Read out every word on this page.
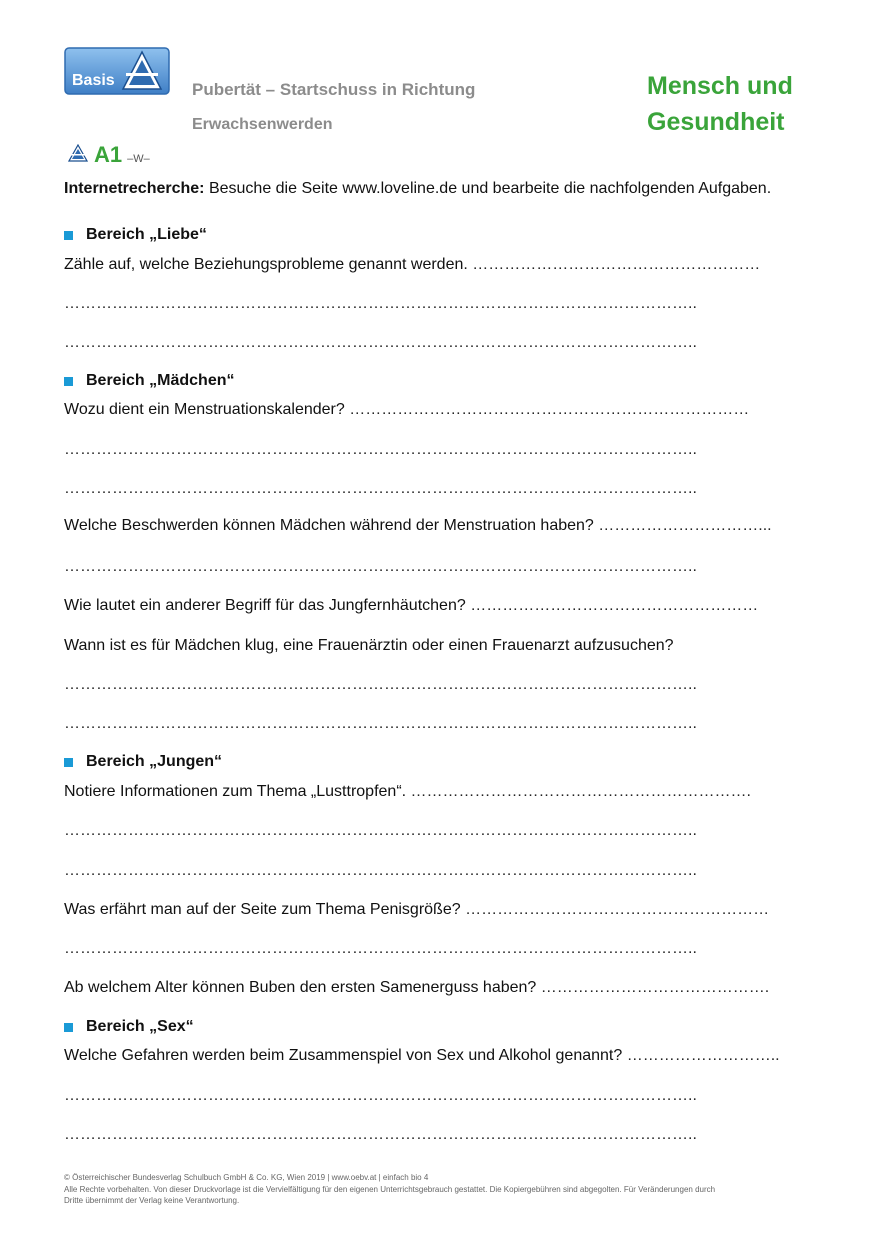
Basis	Pubertät – Startschuss in Richtung
Erwachsenwerden
Mensch und
Gesundheit
A1 –W–
Internetrecherche: Besuche die Seite www.loveline.de und bearbeite die nachfolgenden Aufgaben.
Bereich „Liebe“
Zähle auf, welche Beziehungsprobleme genannt werden. ………………………………………………
………………………………………………………………………………………………………..
………………………………………………………………………………………………………..
Bereich „Mädchen“
Wozu dient ein Menstruationskalender? …………………………………………………………………
………………………………………………………………………………………………………..
………………………………………………………………………………………………………..
Welche Beschwerden können Mädchen während der Menstruation haben? …………………………...
………………………………………………………………………………………………………..
Wie lautet ein anderer Begriff für das Jungfernhäutchen? ………………………………………………
Wann ist es für Mädchen klug, eine Frauenärztin oder einen Frauenarzt aufzusuchen?
………………………………………………………………………………………………………..
………………………………………………………………………………………………………..
Bereich „Jungen“
Notiere Informationen zum Thema „Lusttropfen“. ……………………………………………………….
………………………………………………………………………………………………………..
………………………………………………………………………………………………………..
Was erfährt man auf der Seite zum Thema Penisgröße? …………………………………………………
………………………………………………………………………………………………………..
Ab welchem Alter können Buben den ersten Samenerguss haben? …………………………………….
Bereich „Sex“
Welche Gefahren werden beim Zusammenspiel von Sex und Alkohol genannt? ………………………..
………………………………………………………………………………………………………..
………………………………………………………………………………………………………..
© Österreichischer Bundesverlag Schulbuch GmbH & Co. KG, Wien 2019 | www.oebv.at | einfach bio 4
Alle Rechte vorbehalten. Von dieser Druckvorlage ist die Vervielfältigung für den eigenen Unterrichtsgebrauch gestattet. Die Kopiergebühren sind abgegolten. Für Veränderungen durch
Dritte übernimmt der Verlag keine Verantwortung.
